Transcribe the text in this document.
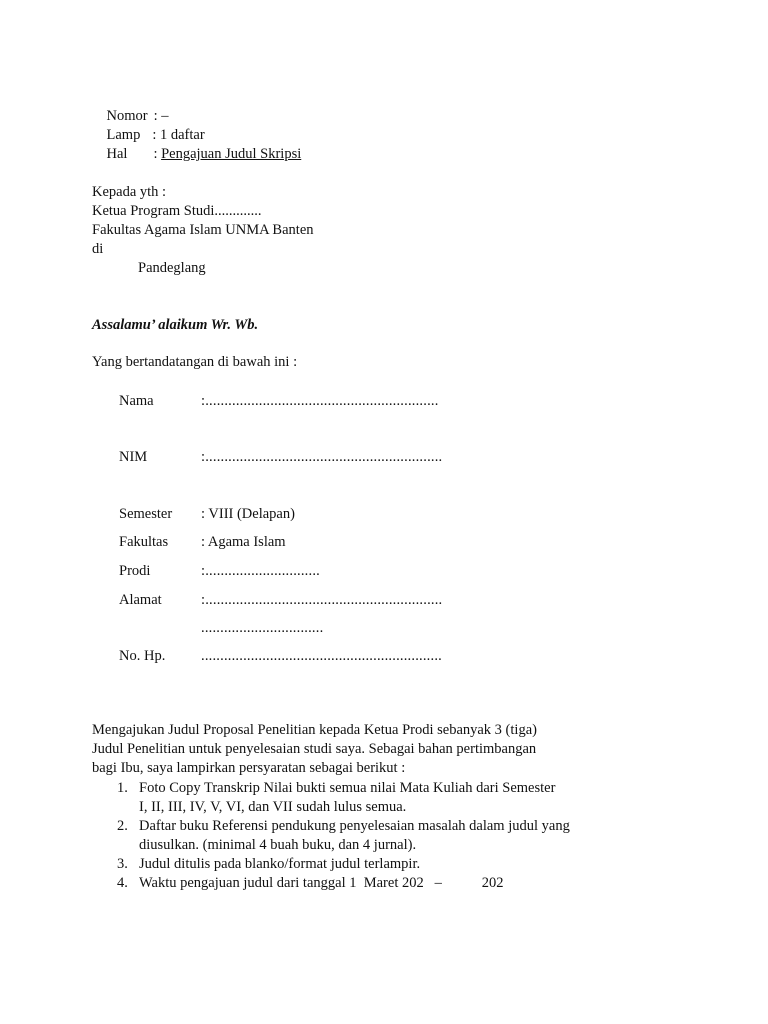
Nomor : –

Lamp : 1 daftar

Hal : Pengajuan Judul Skripsi

Kepada yth :
Ketua Program Studi.............
Fakultas Agama Islam UNMA Banten
di
Pandeglang
Assalamu’ alaikum Wr. Wb.
Yang bertandatangan di bawah ini :
Nama	:.............................................................
NIM	:..............................................................
Semester : VIII (Delapan)
Fakultas : Agama Islam
Prodi	:..............................
Alamat	:..............................................................
................................
No. Hp. ...............................................................
Mengajukan Judul Proposal Penelitian kepada Ketua Prodi sebanyak 3 (tiga)
Judul Penelitian untuk penyelesaian studi saya. Sebagai bahan pertimbangan
bagi Ibu, saya lampirkan persyaratan sebagai berikut :
1. Foto Copy Transkrip Nilai bukti semua nilai Mata Kuliah dari Semester
I, II, III, IV, V, VI, dan VII sudah lulus semua.
2. Daftar buku Referensi pendukung penyelesaian masalah dalam judul yang
diusulkan. (minimal 4 buah buku, dan 4 jurnal).
3. Judul ditulis pada blanko/format judul terlampir.
4. Waktu pengajuan judul dari tanggal 1  Maret 202   –           202
